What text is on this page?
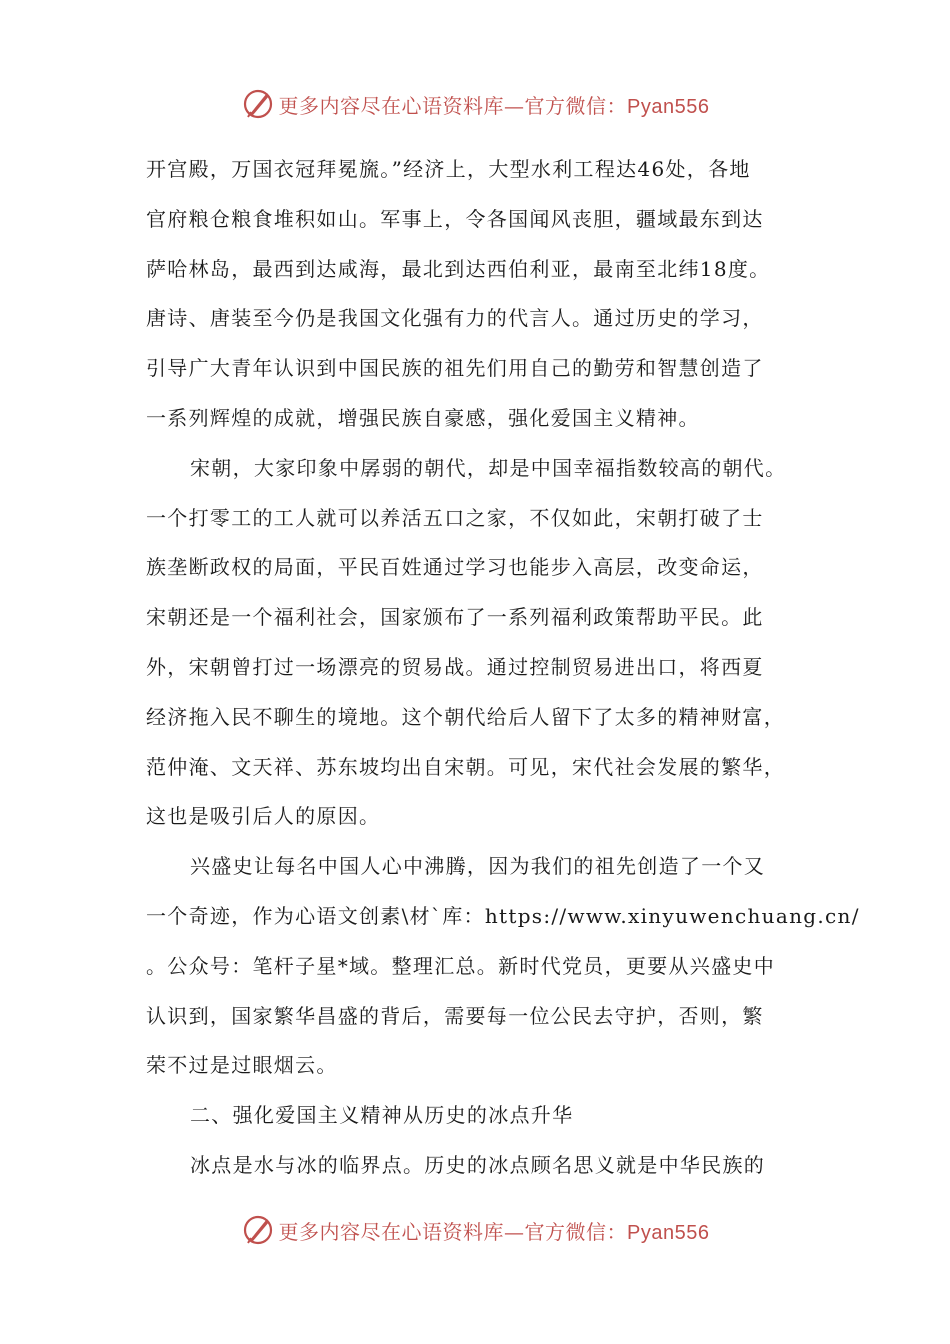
更多内容尽在心语资料库—官方微信：Pyan556

开宫殿，万国衣冠拜冕旒。”经济上，大型水利工程达46处，各地

官府粮仓粮食堆积如山。军事上，令各国闻风丧胆，疆域最东到达

萨哈林岛，最西到达咸海，最北到达西伯利亚，最南至北纬18度。

唐诗、唐装至今仍是我国文化强有力的代言人。通过历史的学习，

引导广大青年认识到中国民族的祖先们用自己的勤劳和智慧创造了

一系列辉煌的成就，增强民族自豪感，强化爱国主义精神。

宋朝，大家印象中孱弱的朝代，却是中国幸福指数较高的朝代。

一个打零工的工人就可以养活五口之家，不仅如此，宋朝打破了士

族垄断政权的局面，平民百姓通过学习也能步入高层，改变命运，

宋朝还是一个福利社会，国家颁布了一系列福利政策帮助平民。此

外，宋朝曾打过一场漂亮的贸易战。通过控制贸易进出口，将西夏

经济拖入民不聊生的境地。这个朝代给后人留下了太多的精神财富，

范仲淹、文天祥、苏东坡均出自宋朝。可见，宋代社会发展的繁华，

这也是吸引后人的原因。

兴盛史让每名中国人心中沸腾，因为我们的祖先创造了一个又

一个奇迹，作为心语文创素\材`库：https://www.xinyuwenchuang.cn/

。公众号：笔杆子星*域。整理汇总。新时代党员，更要从兴盛史中

认识到，国家繁华昌盛的背后，需要每一位公民去守护，否则，繁

荣不过是过眼烟云。

二、强化爱国主义精神从历史的冰点升华

冰点是水与冰的临界点。历史的冰点顾名思义就是中华民族的

更多内容尽在心语资料库—官方微信：Pyan556
